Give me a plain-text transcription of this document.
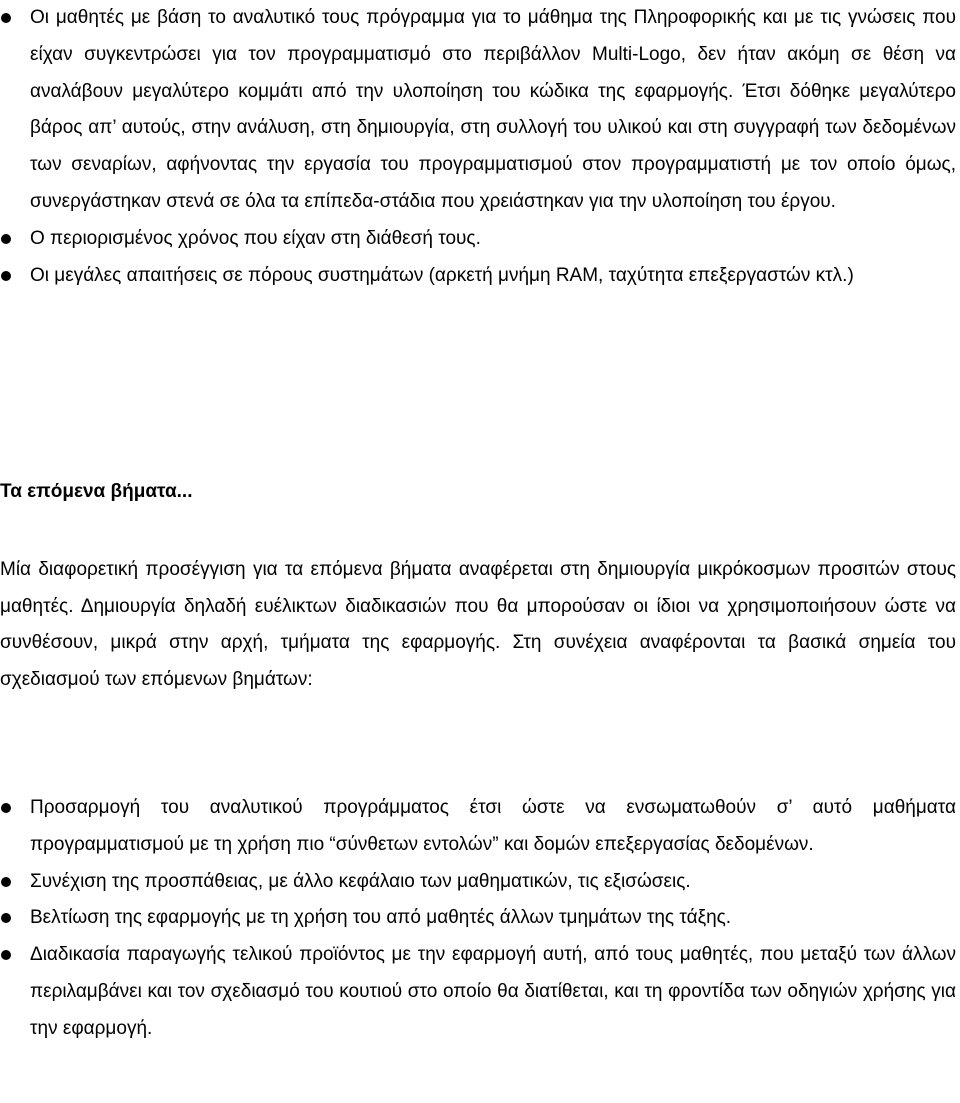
Οι μαθητές με βάση το αναλυτικό τους πρόγραμμα για το μάθημα της Πληροφορικής και με τις γνώσεις που είχαν συγκεντρώσει για τον προγραμματισμό στο περιβάλλον Multi-Logo, δεν ήταν ακόμη σε θέση να αναλάβουν μεγαλύτερο κομμάτι από την υλοποίηση του κώδικα της εφαρμογής. Έτσι δόθηκε μεγαλύτερο βάρος απ’ αυτούς, στην ανάλυση, στη δημιουργία, στη συλλογή του υλικού και στη συγγραφή των δεδομένων των σεναρίων, αφήνοντας την εργασία του προγραμματισμού στον προγραμματιστή με τον οποίο όμως, συνεργάστηκαν στενά σε όλα τα επίπεδα-στάδια που χρειάστηκαν για την υλοποίηση του έργου.
Ο περιορισμένος χρόνος που είχαν στη διάθεσή τους.
Οι μεγάλες απαιτήσεις σε πόρους συστημάτων (αρκετή μνήμη RAM, ταχύτητα επεξεργαστών κτλ.)
Τα επόμενα βήματα...

Μία διαφορετική προσέγγιση για τα επόμενα βήματα αναφέρεται στη δημιουργία μικρόκοσμων προσιτών στους μαθητές. Δημιουργία δηλαδή ευέλικτων διαδικασιών που θα μπορούσαν οι ίδιοι να χρησιμοποιήσουν ώστε να συνθέσουν, μικρά στην αρχή, τμήματα της εφαρμογής. Στη συνέχεια αναφέρονται τα βασικά σημεία του σχεδιασμού των επόμενων βημάτων:

Προσαρμογή του αναλυτικού προγράμματος έτσι ώστε να ενσωματωθούν σ’ αυτό μαθήματα προγραμματισμού με τη χρήση πιο “σύνθετων εντολών” και δομών επεξεργασίας δεδομένων.
Συνέχιση της προσπάθειας, με άλλο κεφάλαιο των μαθηματικών, τις εξισώσεις.
Βελτίωση της εφαρμογής με τη χρήση του από μαθητές άλλων τμημάτων της τάξης.
Διαδικασία παραγωγής τελικού προϊόντος με την εφαρμογή αυτή, από τους μαθητές, που μεταξύ των άλλων περιλαμβάνει και τον σχεδιασμό του κουτιού στο οποίο θα διατίθεται, και τη φροντίδα των οδηγιών χρήσης για την εφαρμογή.
